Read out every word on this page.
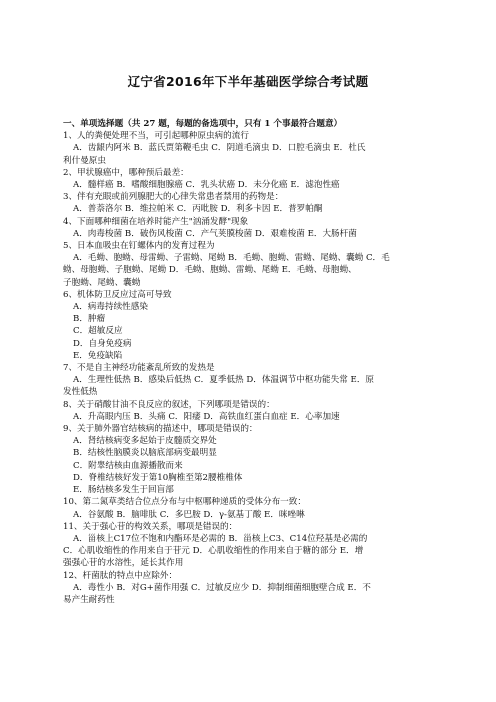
辽宁省2016年下半年基础医学综合考试题
一、单项选择题（共 27 题，每题的备选项中，只有 1 个事最符合题意）
1、人的粪便处理不当，可引起哪种原虫病的流行
A．齿龈内阿米 B．蓝氏贾第鞭毛虫 C．阴道毛滴虫 D．口腔毛滴虫 E．杜氏
利什曼原虫
2、甲状腺癌中，哪种预后最差：
A．髓样癌 B．嗜酸细胞腺癌 C．乳头状癌 D．未分化癌 E．滤泡性癌
3、伴有充眼或前列腺肥大的心律失常患者禁用的药物是：
A．普萘洛尔 B．维拉帕米 C．丙吡胺 D．利多卡因 E．普罗帕酮
4、下面哪种细菌在培养时能产生"汹涌发酵"现象
A．肉毒梭菌 B．破伤风梭菌 C．产气荚膜梭菌 D．艰难梭菌 E．大肠杆菌
5、日本血吸虫在钉螺体内的发育过程为
A．毛蚴、胞蚴、母雷蚴、子雷蚴、尾蚴 B．毛蚴、胞蚴、雷蚴、尾蚴、囊蚴 C．毛
蚴、母胞蚴、子胞蚴、尾蚴 D．毛蚴、胞蚴、雷蚴、尾蚴 E．毛蚴、母胞蚴、
子胞蚴、尾蚴、囊蚴
6、机体防卫反应过高可导致
A．病毒持续性感染
B．肿瘤
C．超敏反应
D．自身免疫病
E．免疫缺陷
7、不是自主神经功能紊乱所致的发热是
A．生理性低热 B．感染后低热 C．夏季低热 D．体温调节中枢功能失常 E．原
发性低热
8、关于硝酸甘油不良反应的叙述，下列哪项是错误的：
A．升高眼内压 B．头痛 C．阳痿 D．高铁血红蛋白血症 E．心率加速
9、关于肺外器官结核病的描述中，哪项是错误的：
A．肾结核病变多起始于皮髓质交界处
B．结核性脑膜炎以脑底部病变最明显
C．附睾结核由血源播散而来
D．脊椎结核好发于第10胸椎至第2腰椎椎体
E．肠结核多发生于回盲部
10、第二氮草类结合位点分布与中枢哪种递质的受体分布一致：
A．谷氨酸 B．脑啡肽 C．多巴胺 D．γ-氨基丁酸 E．咪唑啉
11、关于强心苷的构效关系，哪项是错误的：
A．甾核上C17位不饱和内酯环是必需的 B．甾核上C3、C14位羟基是必需的
C．心肌收缩性的作用来自于苷元 D．心肌收缩性的作用来自于糖的部分 E．增
强强心苷的水溶性，延长其作用
12、杆菌肽的特点中应除外：
A．毒性小 B．对G+菌作用强 C．过敏反应少 D．抑制细菌细胞壁合成 E．不
易产生耐药性
